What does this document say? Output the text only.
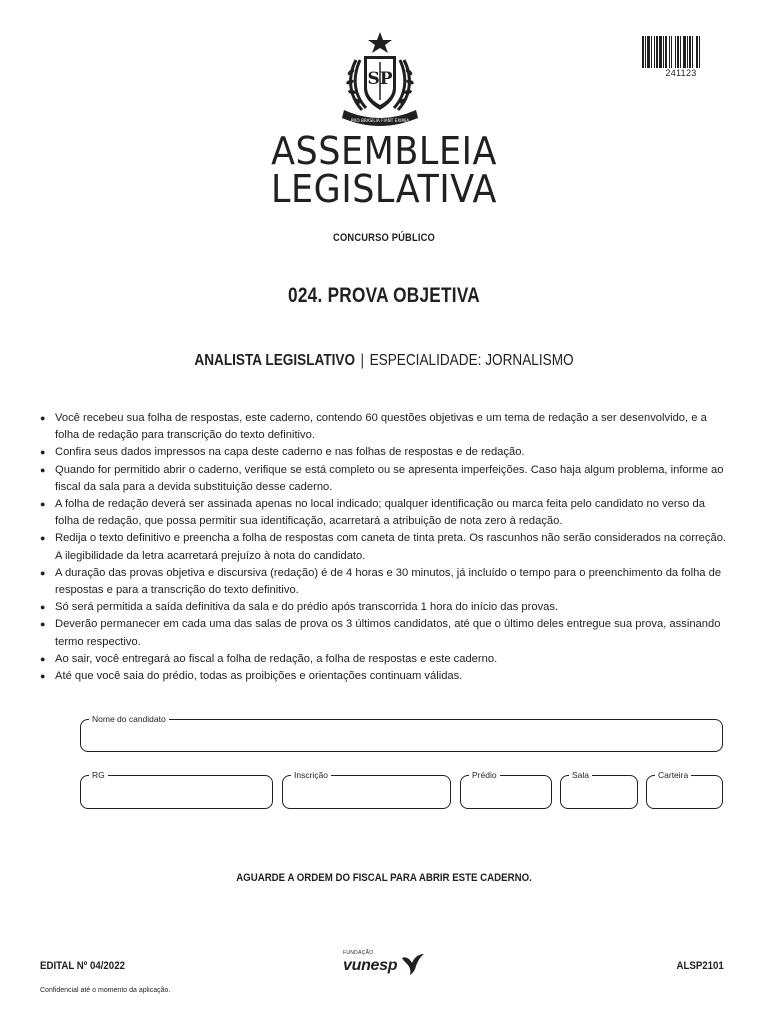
SP
PRO BRASILIA FIANT EXIMIA
241123
ASSEMBLEIA
LEGISLATIVA
CONCURSO PÚBLICO
024. PROVA OBJETIVA
ANALISTA LEGISLATIVO | ESPECIALIDADE: JORNALISMO
● Você recebeu sua folha de respostas, este caderno, contendo 60 questões objetivas e um tema de redação a ser desenvolvido, e a folha de redação para transcrição do texto definitivo.
● Confira seus dados impressos na capa deste caderno e nas folhas de respostas e de redação.
● Quando for permitido abrir o caderno, verifique se está completo ou se apresenta imperfeições. Caso haja algum problema, informe ao fiscal da sala para a devida substituição desse caderno.
● A folha de redação deverá ser assinada apenas no local indicado; qualquer identificação ou marca feita pelo candidato no verso da folha de redação, que possa permitir sua identificação, acarretará a atribuição de nota zero à redação.
● Redija o texto definitivo e preencha a folha de respostas com caneta de tinta preta. Os rascunhos não serão considerados na correção. A ilegibilidade da letra acarretará prejuízo à nota do candidato.
● A duração das provas objetiva e discursiva (redação) é de 4 horas e 30 minutos, já incluído o tempo para o preenchimento da folha de respostas e para a transcrição do texto definitivo.
● Só será permitida a saída definitiva da sala e do prédio após transcorrida 1 hora do início das provas.
● Deverão permanecer em cada uma das salas de prova os 3 últimos candidatos, até que o último deles entregue sua prova, assinando termo respectivo.
● Ao sair, você entregará ao fiscal a folha de redação, a folha de respostas e este caderno.
● Até que você saia do prédio, todas as proibições e orientações continuam válidas.
Nome do candidato
RG	Inscrição	Prédio	Sala	Carteira
AGUARDE A ORDEM DO FISCAL PARA ABRIR ESTE CADERNO.
EDITAL Nº 04/2022
FUNDAÇÃO
vunesp	ALSP2101
Confidencial até o momento da aplicação.
